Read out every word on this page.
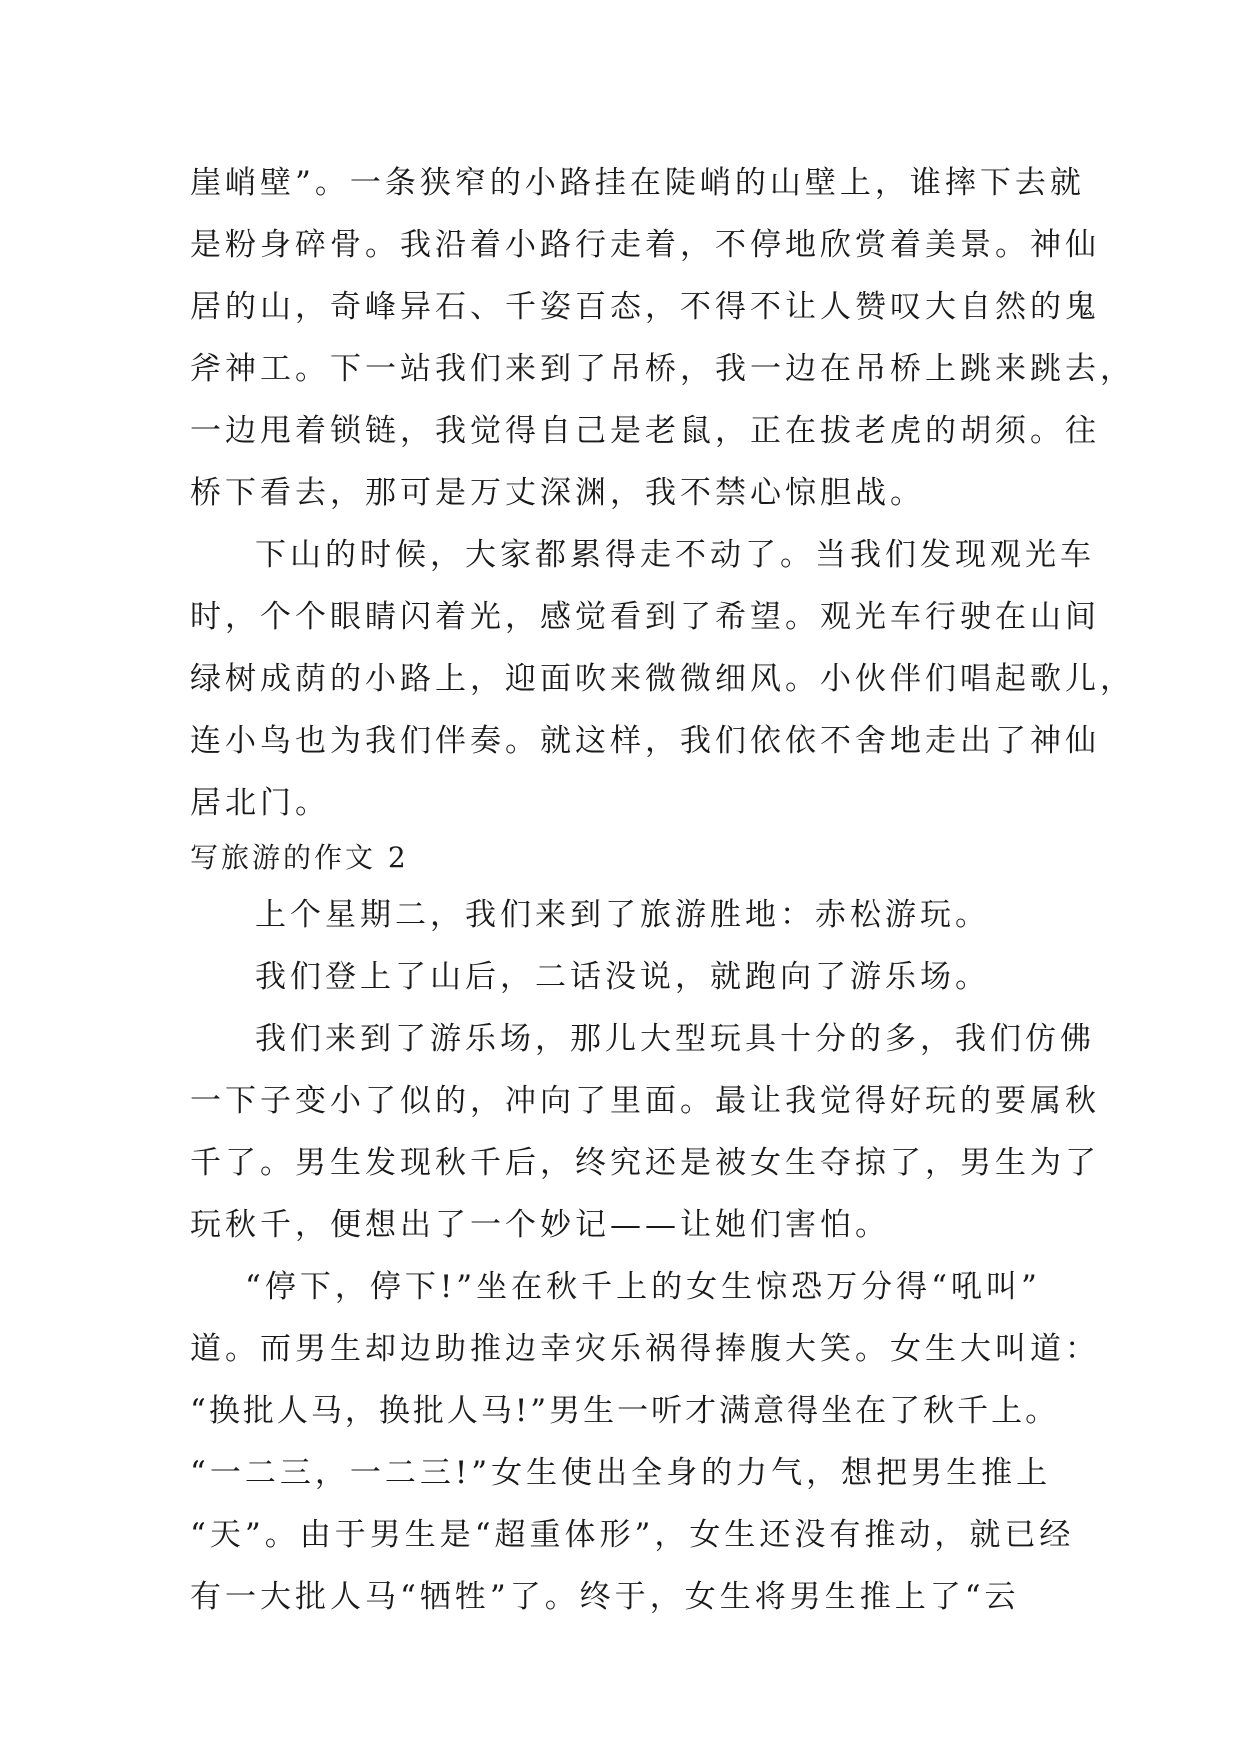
崖峭壁”。一条狭窄的小路挂在陡峭的山壁上，谁摔下去就
是粉身碎骨。我沿着小路行走着，不停地欣赏着美景。神仙
居的山，奇峰异石、千姿百态，不得不让人赞叹大自然的鬼
斧神工。下一站我们来到了吊桥，我一边在吊桥上跳来跳去，
一边甩着锁链，我觉得自己是老鼠，正在拔老虎的胡须。往
桥下看去，那可是万丈深渊，我不禁心惊胆战。
下山的时候，大家都累得走不动了。当我们发现观光车
时，个个眼睛闪着光，感觉看到了希望。观光车行驶在山间
绿树成荫的小路上，迎面吹来微微细风。小伙伴们唱起歌儿，
连小鸟也为我们伴奏。就这样，我们依依不舍地走出了神仙
居北门。
写旅游的作文 2
上个星期二，我们来到了旅游胜地：赤松游玩。
我们登上了山后，二话没说，就跑向了游乐场。
我们来到了游乐场，那儿大型玩具十分的多，我们仿佛
一下子变小了似的，冲向了里面。最让我觉得好玩的要属秋
千了。男生发现秋千后，终究还是被女生夺掠了，男生为了
玩秋千，便想出了一个妙记——让她们害怕。
“停下，停下!”坐在秋千上的女生惊恐万分得“吼叫”
道。而男生却边助推边幸灾乐祸得捧腹大笑。女生大叫道：
“换批人马，换批人马!”男生一听才满意得坐在了秋千上。
“一二三，一二三!”女生使出全身的力气，想把男生推上
“天”。由于男生是“超重体形”，女生还没有推动，就已经
有一大批人马“牺牲”了。终于，女生将男生推上了“云
